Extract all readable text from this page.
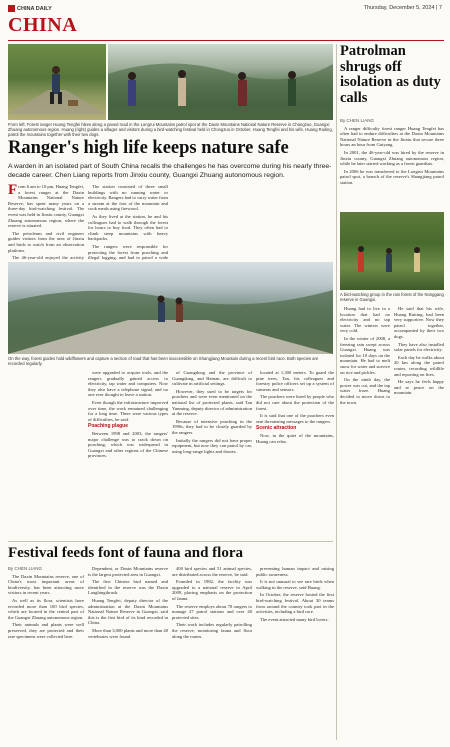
CHINA DAILY	Thursday, December 5, 2024 | 7
CHINA
From left: Forest ranger Huang Tengfei hikes along a paved road in the Longrui Mountains patrol spot at the Daxin Mountains National Nature Reserve in Chongzuo, Guangxi Zhuang autonomous region. Huang (right) guides a villager and visitors during a bird-watching festival held in Chongzuo in October. Huang Tengfei and his wife, Huang Ruiting, patrol the mountains together with their two dogs.
Ranger's high life keeps nature safe
A warden in an isolated part of South China recalls the challenges he has overcome during his nearly three-decade career. Chen Liang reports from Jinxiu county, Guangxi Zhuang autonomous region.

From 6 am to 10 pm, Huang Tengfei, a forest ranger at the Daxin Mountains National Nature Reserve, has spent many years on a three-day bird-watching festival. The event was held in Jinxiu county, Guangxi Zhuang autonomous region, where the reserve is situated.

The petroleum and civil engineer guides visitors from the area of Jinxiu and birds to watch from an observation platform.

The 46-year-old enjoyed the activity

The station consisted of three small buildings with no running water or electricity. Rangers had to carry water from a stream at the foot of the mountain and cook meals using firewood.

As they lived at the station, he and his colleagues had to walk through the forest for hours to buy food. They often had to climb steep mountains with heavy backpacks.

The rangers were responsible for protecting the forest from poaching and illegal logging, and had to patrol a wide

On the way, forest guides hold wildflowers and capture a section of road that has been inaccessible on Shangjiang Mountain during a recent bird race. Both species are recorded regularly.

were upgraded to acquire tools, and the rangers gradually gained access to electricity, tap water and computers. Now they also have a telephone signal, and no one ever thought to leave a station.

Even though the infrastructure improved over time, the work remained challenging for a long time. There were various types of difficulties, he said.

Poaching plague

Between 1998 and 2003, the rangers' major challenge was to crack down on poaching, which was widespread in Guangxi and other regions of the Chinese provinces.

of Guangdong and the province of Guangdong, and Hainan, are difficult to cultivate in artificial settings.

However, they used to be targets for poachers and were even mentioned on the national list of protected plants, said Tan Yunming, deputy director of administration at the reserve.

Because of intensive poaching in the 1990s, they had to be closely guarded by the rangers.

Initially the rangers did not have proper equipment, but now they can patrol by car, using long-range lights and drones.

located at 1,300 meters. To guard the pine trees, Tan, his colleagues and forestry police officers set up a system of cameras and sensors.

The poachers were hired by people who did not care about the protection of the forest.

It is said that one of the poachers even sent threatening messages to the rangers.

Scenic attraction

Now, in the quiet of the mountains, Huang can relax.

Festival feeds font of fauna and flora
By CHEN LIANG

The Daxin Mountains reserve, one of China's most important areas of biodiversity, has been attracting more visitors in recent years.

As well as its flora, scientists have recorded more than 100 bird species, which are located in the central part of the Guangxi Zhuang autonomous region.

Their animals and plants were well preserved, they are protected and their rare specimens were collected here.

Dependent, or Daxin Mountains reserve is the largest protected area in Guangxi.

The first Chinese bird named and identified in the reserve was the Daxin Laughingthrush.

Huang Tengfei, deputy director of the administration at the Daxin Mountains National Nature Reserve in Guangxi, said this is the first bird of its kind recorded in China.

More than 3,000 plants and more than 40 vertebrates were found.

400 bird species and 51 animal species, are distributed across the reserve, he said.

Founded in 1982, the facility was upgraded to a national reserve in April 2009, placing emphasis on the protection of fauna.

The reserve employs about 70 rangers to manage 27 patrol stations and over 40 protected sites.

Their work includes regularly patrolling the reserve, monitoring fauna and flora along the routes.

preventing human impact and raising public awareness.

It is not unusual to see rare birds when walking in the reserve, said Huang.

In October, the reserve hosted the first bird-watching festival. About 30 teams from around the country took part in the activities, including a bird race.

The event attracted many bird lovers.

Patrolman shrugs off isolation as duty calls
By CHEN LIANG

A ranger difficulty forest ranger Huang Tengfei has often had to endure difficulties at the Daxin Mountains National Nature Reserve in the Jinxiu that secure three hours an hour from Guiyang.

In 2001, the 46-year-old was hired by the reserve in Jinxiu county, Guangxi Zhuang autonomous region, while he later started working as a forest guardian.

In 2006 he was transferred to the Longrui Mountains patrol spot, a branch of the reserve's Shangjiang patrol station.

A bird-watching group in the rain forest of the Nonggang reserve in Guangxi.

Huang had to live in a location that had no electricity and no tap water. The winters were very cold.

In the winter of 2008, a freezing rain swept across Guangxi. Huang was isolated for 10 days on the mountain. He had to melt snow for water and survive on rice and pickles.

On the ninth day, the power was cut, and the tap water froze. Huang decided to move down to the town.

He said that his wife, Huang Ruiting, had been very supportive. Now they patrol together, accompanied by their two dogs.

They have also installed solar panels for electricity.

Each day he walks about 20 km along the patrol routes, recording wildlife and reporting on fires.

He says he feels happy and at peace on the mountain.
